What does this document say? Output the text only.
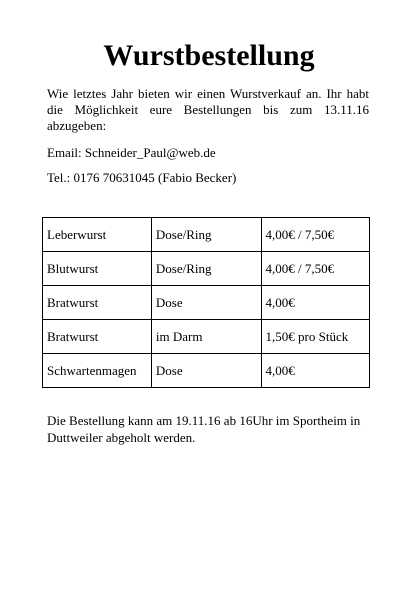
Wurstbestellung
Wie letztes Jahr bieten wir einen Wurstverkauf an. Ihr habt die Möglichkeit eure Bestellungen bis zum 13.11.16 abzugeben:
Email: Schneider_Paul@web.de
Tel.: 0176 70631045 (Fabio Becker)
Leberwurst	Dose/Ring	4,00€ / 7,50€
Blutwurst	Dose/Ring	4,00€ / 7,50€
Bratwurst	Dose	4,00€
Bratwurst	im Darm	1,50€ pro Stück
Schwartenmagen	Dose	4,00€
Die Bestellung kann am 19.11.16 ab 16Uhr im Sportheim in Duttweiler abgeholt werden.
